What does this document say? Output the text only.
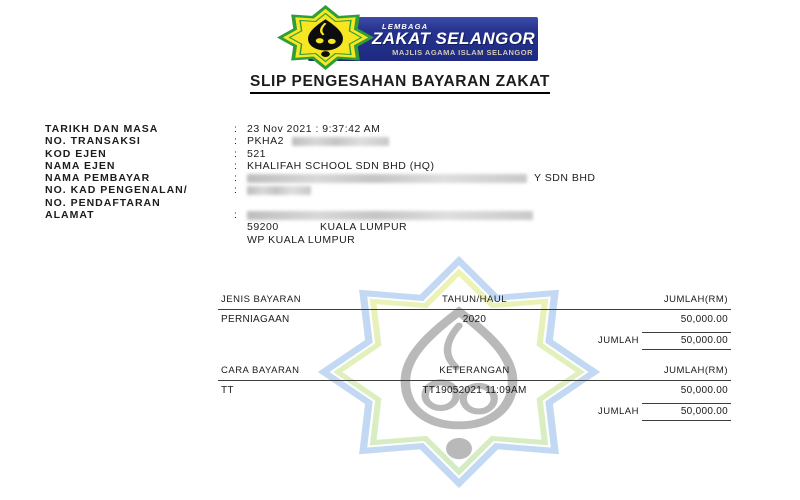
LEMBAGA
ZAKAT SELANGOR
MAJLIS AGAMA ISLAM SELANGOR
SLIP PENGESAHAN BAYARAN ZAKAT
TARIKH DAN MASA	: 23 Nov 2021 : 9:37:42 AM
NO. TRANSAKSI	: PKHA2
KOD EJEN	: 521
NAMA EJEN	: KHALIFAH SCHOOL SDN BHD (HQ)
NAMA PEMBAYAR	:	Y SDN BHD
NO. KAD PENGENALAN/	:
NO. PENDAFTARAN
ALAMAT	:
59200	KUALA LUMPUR
WP KUALA LUMPUR
JENIS BAYARAN	TAHUN/HAUL	JUMLAH(RM)
PERNIAGAAN	2020	50,000.00
JUMLAH	50,000.00
CARA BAYARAN	KETERANGAN	JUMLAH(RM)
TT	TT19052021 11:09AM	50,000.00
JUMLAH	50,000.00
